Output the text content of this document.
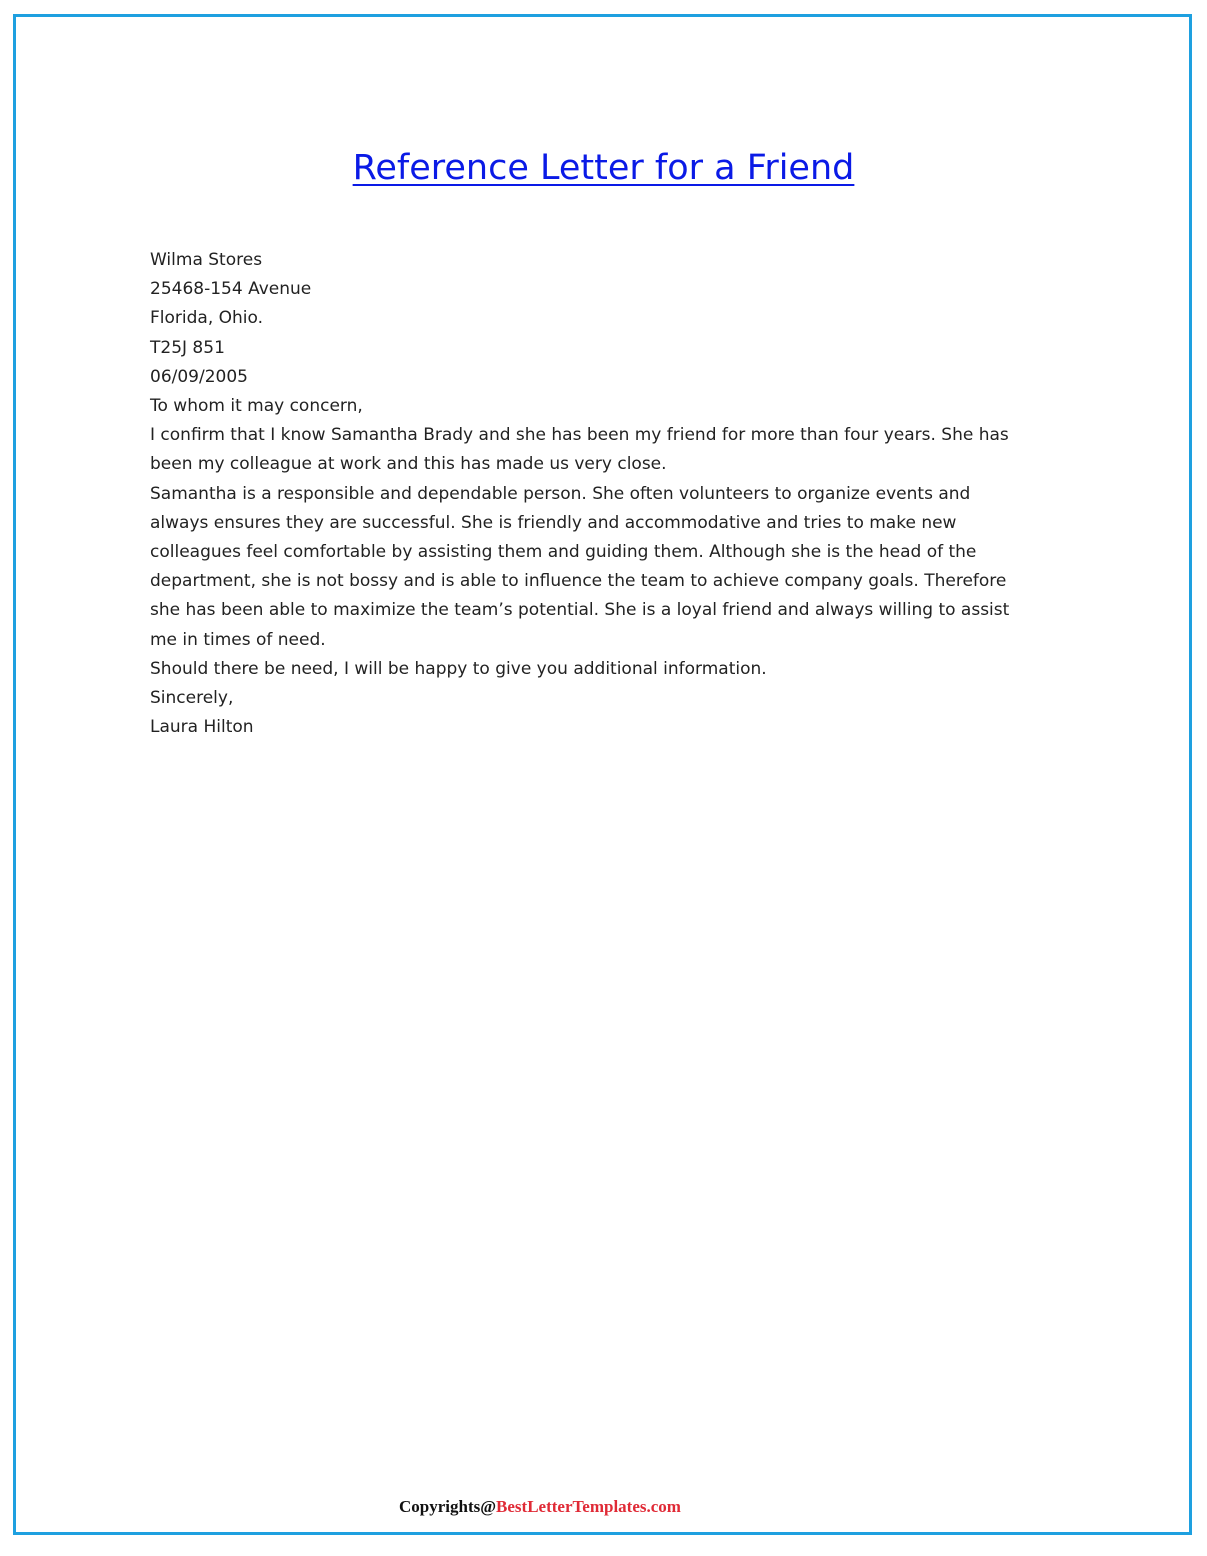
Reference Letter for a Friend
Wilma Stores
25468-154 Avenue
Florida, Ohio.
T25J 851
06/09/2005
To whom it may concern,
I confirm that I know Samantha Brady and she has been my friend for more than four years. She has
been my colleague at work and this has made us very close.
Samantha is a responsible and dependable person. She often volunteers to organize events and
always ensures they are successful. She is friendly and accommodative and tries to make new
colleagues feel comfortable by assisting them and guiding them. Although she is the head of the
department, she is not bossy and is able to influence the team to achieve company goals. Therefore
she has been able to maximize the team’s potential. She is a loyal friend and always willing to assist
me in times of need.
Should there be need, I will be happy to give you additional information.
Sincerely,
Laura Hilton
Copyrights@BestLetterTemplates.com
